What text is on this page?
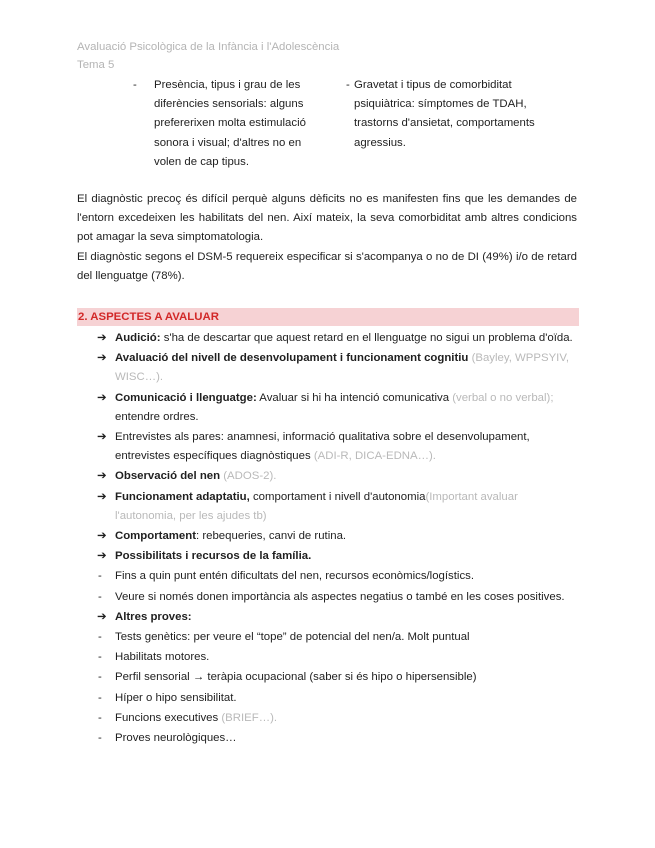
Avaluació Psicològica de la Infància i l'Adolescència
Tema 5
- Presència, tipus i grau de les
diferències sensorials: alguns
prefererixen molta estimulació
sonora i visual; d'altres no en
volen de cap tipus.
- Gravetat i tipus de comorbiditat
psiquiàtrica: símptomes de TDAH,
trastorns d'ansietat, comportaments
agressius.

El diagnòstic precoç és difícil perquè alguns dèficits no es manifesten fins que les demandes de l'entorn excedeixen les habilitats del nen. Així mateix, la seva comorbiditat amb altres condicions pot amagar la seva simptomatologia.

El diagnòstic segons el DSM-5 requereix especificar si s'acompanya o no de DI (49%) i/o de retard del llenguatge (78%).

2. ASPECTES A AVALUAR
➔ Audició: s'ha de descartar que aquest retard en el llenguatge no sigui un problema d'oïda.
➔ Avaluació del nivell de desenvolupament i funcionament cognitiu (Bayley, WPPSYIV, WISC…).
➔ Comunicació i llenguatge: Avaluar si hi ha intenció comunicativa (verbal o no verbal); entendre ordres.
➔ Entrevistes als pares: anamnesi, informació qualitativa sobre el desenvolupament, entrevistes específiques diagnòstiques (ADI-R, DICA-EDNA…).
➔ Observació del nen (ADOS-2).
➔ Funcionament adaptatiu, comportament i nivell d'autonomia(Important avaluar l'autonomia, per les ajudes tb)
➔ Comportament: rebequeries, canvi de rutina.
➔ Possibilitats i recursos de la família.
- Fins a quin punt entén dificultats del nen, recursos econòmics/logístics.
- Veure si només donen importància als aspectes negatius o també en les coses positives.
➔ Altres proves:
- Tests genètics: per veure el “tope” de potencial del nen/a. Molt puntual
- Habilitats motores.
- Perfil sensorial → teràpia ocupacional (saber si és hipo o hipersensible)
- Híper o hipo sensibilitat.
- Funcions executives (BRIEF…).
- Proves neurològiques…
